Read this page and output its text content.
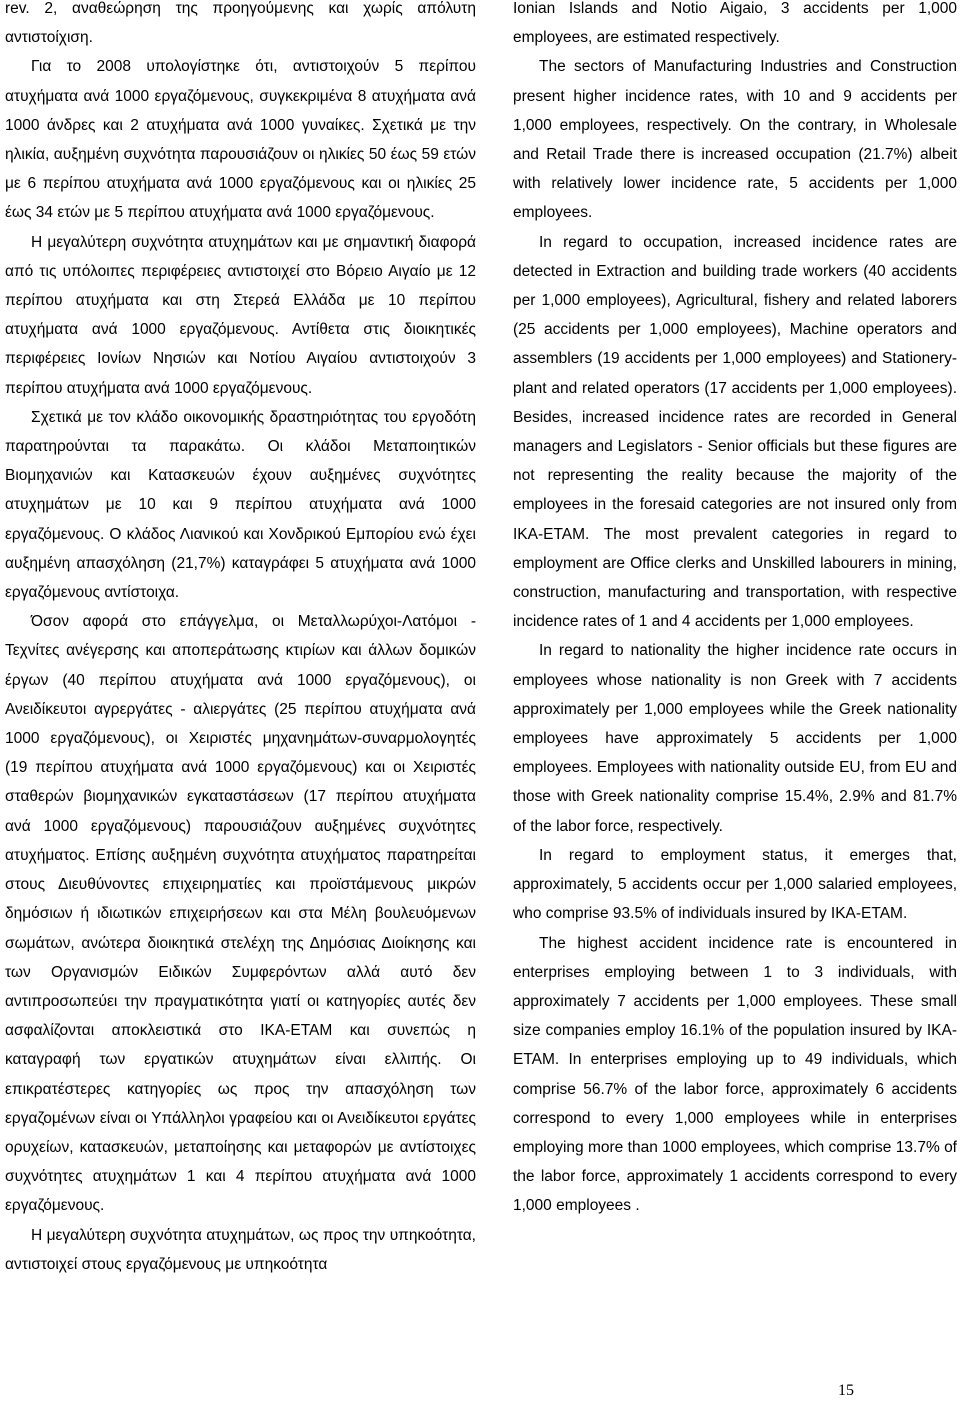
rev. 2, αναθεώρηση της προηγούμενης και χωρίς απόλυτη αντιστοίχιση.

Για το 2008 υπολογίστηκε ότι, αντιστοιχούν 5 περίπου ατυχήματα ανά 1000 εργαζόμενους, συγκεκριμένα 8 ατυχήματα ανά 1000 άνδρες και 2 ατυχήματα ανά 1000 γυναίκες. Σχετικά με την ηλικία, αυξημένη συχνότητα παρουσιάζουν οι ηλικίες 50 έως 59 ετών με 6 περίπου ατυχήματα ανά 1000 εργαζόμενους και οι ηλικίες 25 έως 34 ετών με 5 περίπου ατυχήματα ανά 1000 εργαζόμενους.

Η μεγαλύτερη συχνότητα ατυχημάτων και με σημαντική διαφορά από τις υπόλοιπες περιφέρειες αντιστοιχεί στο Βόρειο Αιγαίο με 12 περίπου ατυχήματα και στη Στερεά Ελλάδα με 10 περίπου ατυχήματα ανά 1000 εργαζόμενους. Αντίθετα στις διοικητικές περιφέρειες Ιονίων Νησιών και Νοτίου Αιγαίου αντιστοιχούν 3 περίπου ατυχήματα ανά 1000 εργαζόμενους.

Σχετικά με τον κλάδο οικονομικής δραστηριότητας του εργοδότη παρατηρούνται τα παρακάτω. Οι κλάδοι Μεταποιητικών Βιομηχανιών και Κατασκευών έχουν αυξημένες συχνότητες ατυχημάτων με 10 και 9 περίπου ατυχήματα ανά 1000 εργαζόμενους. Ο κλάδος Λιανικού και Χονδρικού Εμπορίου ενώ έχει αυξημένη απασχόληση (21,7%) καταγράφει 5 ατυχήματα ανά 1000 εργαζόμενους αντίστοιχα.

Όσον αφορά στο επάγγελμα, οι Μεταλλωρύχοι-Λατόμοι - Τεχνίτες ανέγερσης και αποπεράτωσης κτιρίων και άλλων δομικών έργων (40 περίπου ατυχήματα ανά 1000 εργαζόμενους), οι Ανειδίκευτοι αγρεργάτες - αλιεργάτες (25 περίπου ατυχήματα ανά 1000 εργαζόμενους), οι Χειριστές μηχανημάτων-συναρμολογητές (19 περίπου ατυχήματα ανά 1000 εργαζόμενους) και οι Χειριστές σταθερών βιομηχανικών εγκαταστάσεων (17 περίπου ατυχήματα ανά 1000 εργαζόμενους) παρουσιάζουν αυξημένες συχνότητες ατυχήματος. Επίσης αυξημένη συχνότητα ατυχήματος παρατηρείται στους Διευθύνοντες επιχειρηματίες και προϊστάμενους μικρών δημόσιων ή ιδιωτικών επιχειρήσεων και στα Μέλη βουλευόμενων σωμάτων, ανώτερα διοικητικά στελέχη της Δημόσιας Διοίκησης και των Οργανισμών Ειδικών Συμφερόντων αλλά αυτό δεν αντιπροσωπεύει την πραγματικότητα γιατί οι κατηγορίες αυτές δεν ασφαλίζονται αποκλειστικά στο ΙΚΑ-ΕΤΑΜ και συνεπώς η καταγραφή των εργατικών ατυχημάτων είναι ελλιπής. Οι επικρατέστερες κατηγορίες ως προς την απασχόληση των εργαζομένων είναι οι Υπάλληλοι γραφείου και οι Ανειδίκευτοι εργάτες ορυχείων, κατασκευών, μεταποίησης και μεταφορών με αντίστοιχες συχνότητες ατυχημάτων 1 και 4 περίπου ατυχήματα ανά 1000 εργαζόμενους.

Η μεγαλύτερη συχνότητα ατυχημάτων, ως προς την υπηκοότητα, αντιστοιχεί στους εργαζόμενους με υπηκοότητα

Ionian Islands and Notio Aigaio, 3 accidents per 1,000 employees, are estimated respectively.

The sectors of Manufacturing Industries and Construction present higher incidence rates, with 10 and 9 accidents per 1,000 employees, respectively. On the contrary, in Wholesale and Retail Trade there is increased occupation (21.7%) albeit with relatively lower incidence rate, 5 accidents per 1,000 employees.

In regard to occupation, increased incidence rates are detected in Extraction and building trade workers (40 accidents per 1,000 employees), Agricultural, fishery and related laborers (25 accidents per 1,000 employees), Machine operators and assemblers (19 accidents per 1,000 employees) and Stationery-plant and related operators (17 accidents per 1,000 employees). Besides, increased incidence rates are recorded in General managers and Legislators - Senior officials but these figures are not representing the reality because the majority of the employees in the foresaid categories are not insured only from IKA-ETAM. The most prevalent categories in regard to employment are Office clerks and Unskilled labourers in mining, construction, manufacturing and transportation, with respective incidence rates of 1 and 4 accidents per 1,000 employees.

In regard to nationality the higher incidence rate occurs in employees whose nationality is non Greek with 7 accidents approximately per 1,000 employees while the Greek nationality employees have approximately 5 accidents per 1,000 employees. Employees with nationality outside EU, from EU and those with Greek nationality comprise 15.4%, 2.9% and 81.7% of the labor force, respectively.

In regard to employment status, it emerges that, approximately, 5 accidents occur per 1,000 salaried employees, who comprise 93.5% of individuals insured by IKA-ETAM.

The highest accident incidence rate is encountered in enterprises employing between 1 to 3 individuals, with approximately 7 accidents per 1,000 employees. These small size companies employ 16.1% of the population insured by IKA-ETAM. In enterprises employing up to 49 individuals, which comprise 56.7% of the labor force, approximately 6 accidents correspond to every 1,000 employees while in enterprises employing more than 1000 employees, which comprise 13.7% of the labor force, approximately 1 accidents correspond to every 1,000 employees .

15
